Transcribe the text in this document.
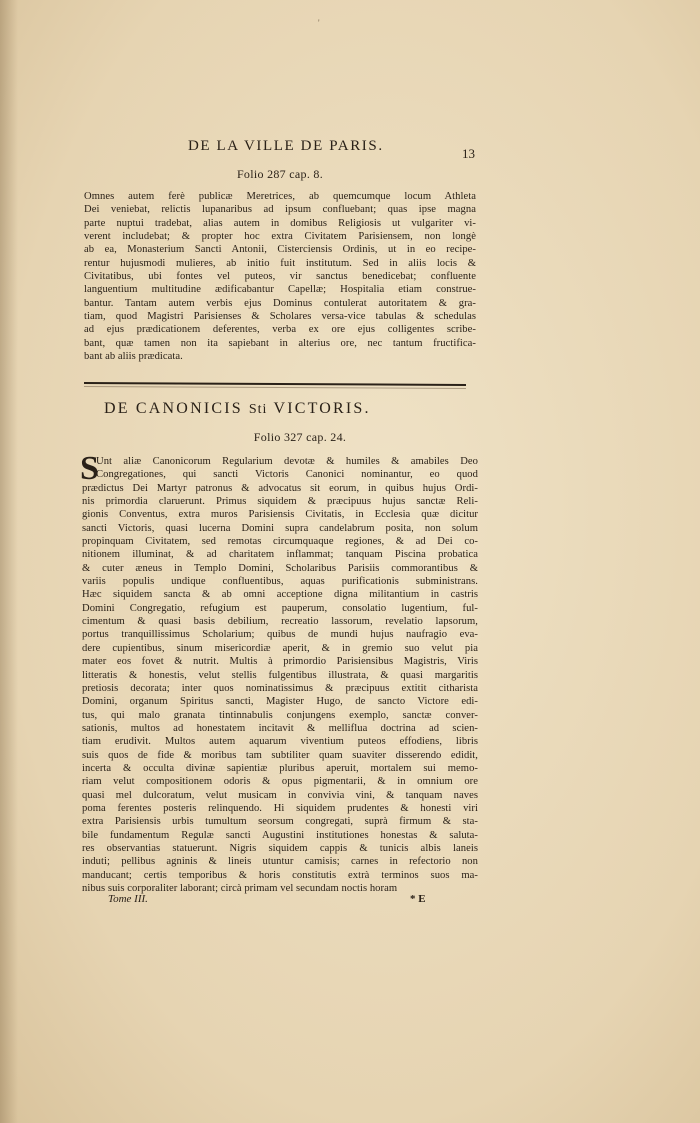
'
DE LA VILLE DE PARIS.	13
Folio 287 cap. 8.
Omnes autem ferè publicæ Meretrices, ab quemcumque locum Athleta
Dei veniebat, relictis lupanaribus ad ipsum confluebant; quas ipse magna
parte nuptui tradebat, alias autem in domibus Religiosis ut vulgariter vi-
verent includebat; & propter hoc extra Civitatem Parisiensem, non longè
ab ea, Monasterium Sancti Antonii, Cisterciensis Ordinis, ut in eo recipe-
rentur hujusmodi mulieres, ab initio fuit institutum. Sed in aliis locis &
Civitatibus, ubi fontes vel puteos, vir sanctus benedicebat; confluente
languentium multitudine ædificabantur Capellæ; Hospitalia etiam construe-
bantur. Tantam autem verbis ejus Dominus contulerat autoritatem & gra-
tiam, quod Magistri Parisienses & Scholares versa-vice tabulas & schedulas
ad ejus prædicationem deferentes, verba ex ore ejus colligentes scribe-
bant, quæ tamen non ita sapiebant in alterius ore, nec tantum fructifica-
bant ab aliis prædicata.
DE CANONICIS Sti VICTORIS.
Folio 327 cap. 24.
S
Unt aliæ Canonicorum Regularium devotæ & humiles & amabiles Deo
Congregationes, qui sancti Victoris Canonici nominantur, eo quod
prædictus Dei Martyr patronus & advocatus sit eorum, in quibus hujus Ordi-
nis primordia claruerunt. Primus siquidem & præcipuus hujus sanctæ Reli-
gionis Conventus, extra muros Parisiensis Civitatis, in Ecclesia quæ dicitur
sancti Victoris, quasi lucerna Domini supra candelabrum posita, non solum
propinquam Civitatem, sed remotas circumquaque regiones, & ad Dei co-
nitionem illuminat, & ad charitatem inflammat; tanquam Piscina probatica
& cuter æneus in Templo Domini, Scholaribus Parisiis commorantibus &
variis populis undique confluentibus, aquas purificationis subministrans.
Hæc siquidem sancta & ab omni acceptione digna militantium in castris
Domini Congregatio, refugium est pauperum, consolatio lugentium, ful-
cimentum & quasi basis debilium, recreatio lassorum, revelatio lapsorum,
portus tranquillissimus Scholarium; quibus de mundi hujus naufragio eva-
dere cupientibus, sinum misericordiæ aperit, & in gremio suo velut pia
mater eos fovet & nutrit. Multis à primordio Parisiensibus Magistris, Viris
litteratis & honestis, velut stellis fulgentibus illustrata, & quasi margaritis
pretiosis decorata; inter quos nominatissimus & præcipuus extitit citharista
Domini, organum Spiritus sancti, Magister Hugo, de sancto Victore edi-
tus, qui malo granata tintinnabulis conjungens exemplo, sanctæ conver-
sationis, multos ad honestatem incitavit & melliflua doctrina ad scien-
tiam erudivit. Multos autem aquarum viventium puteos effodiens, libris
suis quos de fide & moribus tam subtiliter quam suaviter disserendo edidit,
incerta & occulta divinæ sapientiæ pluribus aperuit, mortalem sui memo-
riam velut compositionem odoris & opus pigmentarii, & in omnium ore
quasi mel dulcoratum, velut musicam in convivia vini, & tanquam naves
poma ferentes posteris relinquendo. Hi siquidem prudentes & honesti viri
extra Parisiensis urbis tumultum seorsum congregati, suprà firmum & sta-
bile fundamentum Regulæ sancti Augustini institutiones honestas & saluta-
res observantias statuerunt. Nigris siquidem cappis & tunicis albis laneis
induti; pellibus agninis & lineis utuntur camisis; carnes in refectorio non
manducant; certis temporibus & horis constitutis extrà terminos suos ma-
nibus suis corporaliter laborant; circà primam vel secundam noctis horam
Tome III.	* E
